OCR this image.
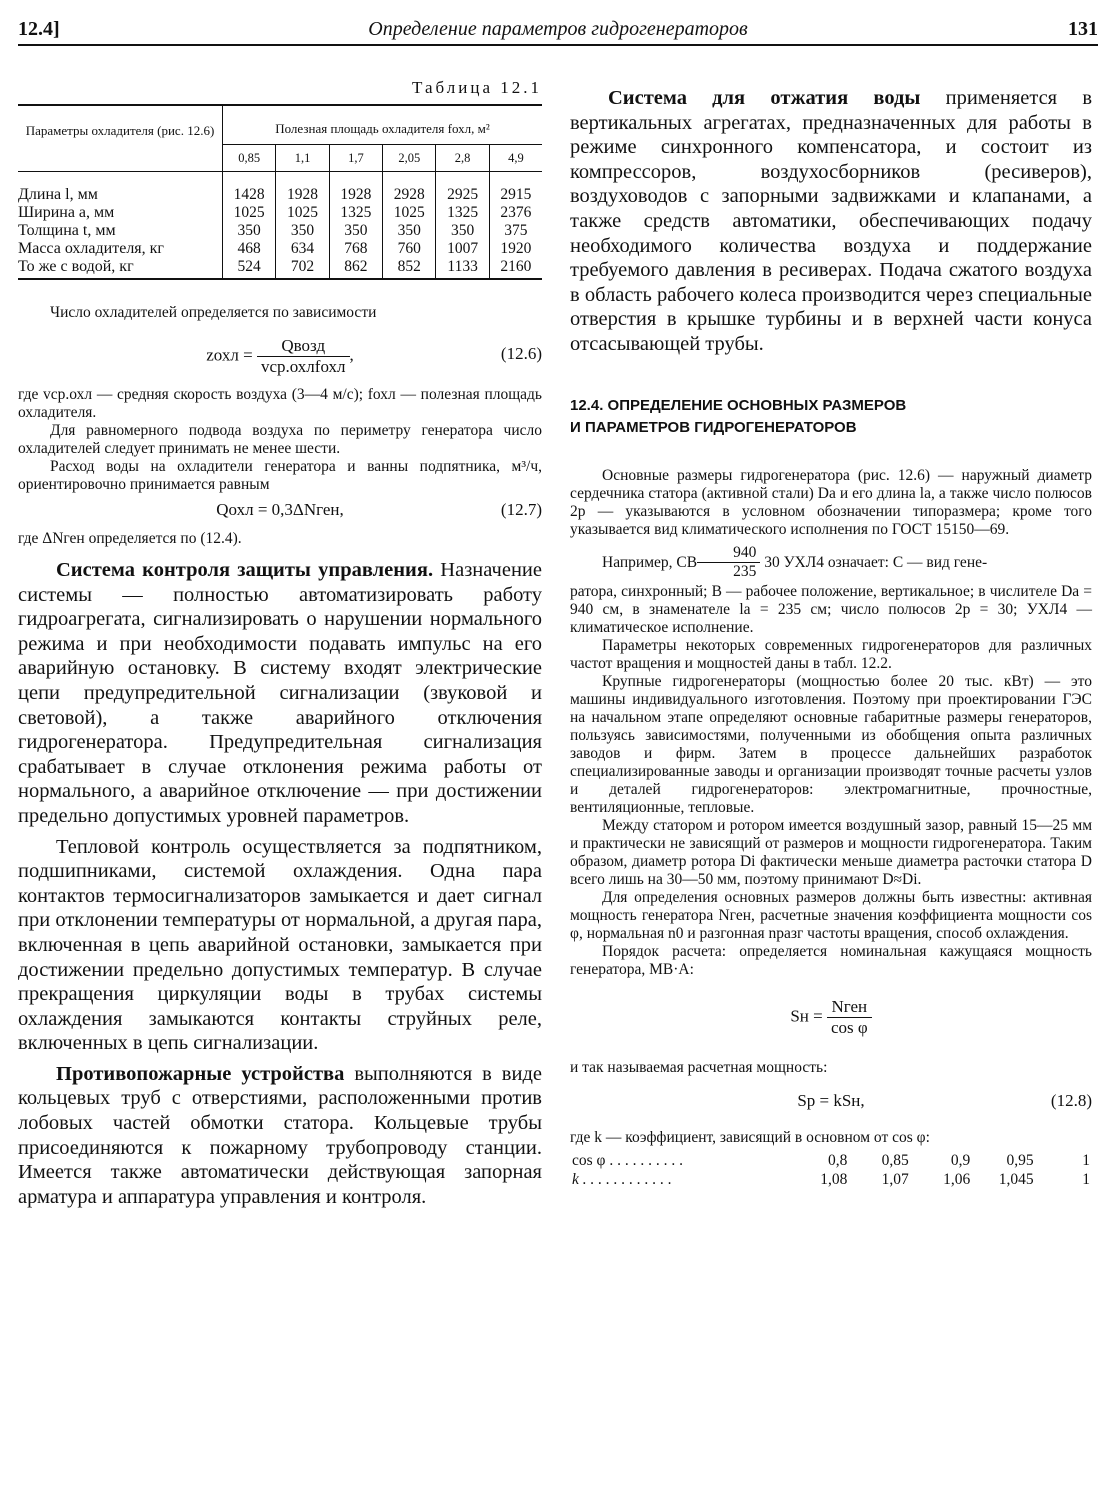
12.4]	Определение параметров гидрогенераторов	131
Таблица 12.1
Параметры охладителя (рис. 12.6)	Полезная площадь охладителя fохл, м²					
	0,85	1,1	1,7	2,05	2,8	4,9
Длина l, мм	1428	1928	1928	2928	2925	2915
Ширина a, мм	1025	1025	1325	1025	1325	2376
Толщина t, мм	350	350	350	350	350	375
Масса охладителя, кг	468	634	768	760	1007	1920
То же с водой, кг	524	702	862	852	1133	2160

Число охладителей определяется по зависимости

zохл = $\frac{\text{Qвозд}}{\text{vср.охлfохл}}$ ,	(12.6)

где vср.охл — средняя скорость воздуха (3—4 м/с); fохл — полезная площадь охладителя.

Для равномерного подвода воздуха по периметру генератора число охладителей следует принимать не менее шести.

Расход воды на охладители генератора и ванны подпятника, м³/ч, ориентировочно принимается равным

Qохл = 0,3ΔNген,	(12.7)

где ΔNген определяется по (12.4).

Система контроля защиты управления. Назначение системы — полностью автоматизировать работу гидроагрегата, сигнализировать о нарушении нормального режима и при необходимости подавать импульс на его аварийную остановку. В систему входят электрические цепи предупредительной сигнализации (звуковой и световой), а также аварийного отключения гидрогенератора. Предупредительная сигнализация срабатывает в случае отклонения режима работы от нормального, а аварийное отключение — при достижении предельно допустимых уровней параметров.

Тепловой контроль осуществляется за подпятником, подшипниками, системой охлаждения. Одна пара контактов термосигнализаторов замыкается и дает сигнал при отклонении температуры от нормальной, а другая пара, включенная в цепь аварийной остановки, замыкается при достижении предельно допустимых температур. В случае прекращения циркуляции воды в трубах системы охлаждения замыкаются контакты струйных реле, включенных в цепь сигнализации.

Противопожарные устройства выполняются в виде кольцевых труб с отверстиями, расположенными против лобовых частей обмотки статора. Кольцевые трубы присоединяются к пожарному трубопроводу станции. Имеется также автоматически действующая запорная арматура и аппаратура управления и контроля.

Система для отжатия воды применяется в вертикальных агрегатах, предназначенных для работы в режиме синхронного компенсатора, и состоит из компрессоров, воздухосборников (ресиверов), воздуховодов с запорными задвижками и клапанами, а также средств автоматики, обеспечивающих подачу необходимого количества воздуха и поддержание требуемого давления в ресиверах. Подача сжатого воздуха в область рабочего колеса производится через специальные отверстия в крышке турбины и в верхней части конуса отсасывающей трубы.

12.4. ОПРЕДЕЛЕНИЕ ОСНОВНЫХ РАЗМЕРОВ
И ПАРАМЕТРОВ ГИДРОГЕНЕРАТОРОВ

Основные размеры гидрогенератора (рис. 12.6) — наружный диаметр сердечника статора (активной стали) Da и его длина la, а также число полюсов 2p — указываются в условном обозначении типоразмера; кроме того указывается вид климатического исполнения по ГОСТ 15150—69.

Например, СВ $\frac{940}{235} 30$ УХЛ4 означает: С — вид гене-

ратора, синхронный; В — рабочее положение, вертикальное; в числителе Da = 940 см, в знаменателе la = 235 см; число полюсов 2p = 30; УХЛ4 — климатическое исполнение.

Параметры некоторых современных гидрогенераторов для различных частот вращения и мощностей даны в табл. 12.2.

Крупные гидрогенераторы (мощностью более 20 тыс. кВт) — это машины индивидуального изготовления. Поэтому при проектировании ГЭС на начальном этапе определяют основные габаритные размеры генераторов, пользуясь зависимостями, полученными из обобщения опыта различных заводов и фирм. Затем в процессе дальнейших разработок специализированные заводы и организации производят точные расчеты узлов и деталей гидрогенераторов: электромагнитные, прочностные, вентиляционные, тепловые.

Между статором и ротором имеется воздушный зазор, равный 15—25 мм и практически не зависящий от размеров и мощности гидрогенератора. Таким образом, диаметр ротора Di фактически меньше диаметра расточки статора D всего лишь на 30—50 мм, поэтому принимают D≈Di.

Для определения основных размеров должны быть известны: активная мощность генератора Nген, расчетные значения коэффициента мощности cos φ, нормальная n0 и разгонная nразг частоты вращения, способ охлаждения.

Порядок расчета: определяется номинальная кажущаяся мощность генератора, МВ·А:

Sн = $\frac{\text{Nген}}{\text{cos φ}}$

и так называемая расчетная мощность:

Sр = kSн,	(12.8)

где k — коэффициент, зависящий в основном от cos φ:

cos φ . . . . . . . . . .	0,8	0,85	0,9	0,95	1
k . . . . . . . . . . . .	1,08	1,07	1,06	1,045	1
